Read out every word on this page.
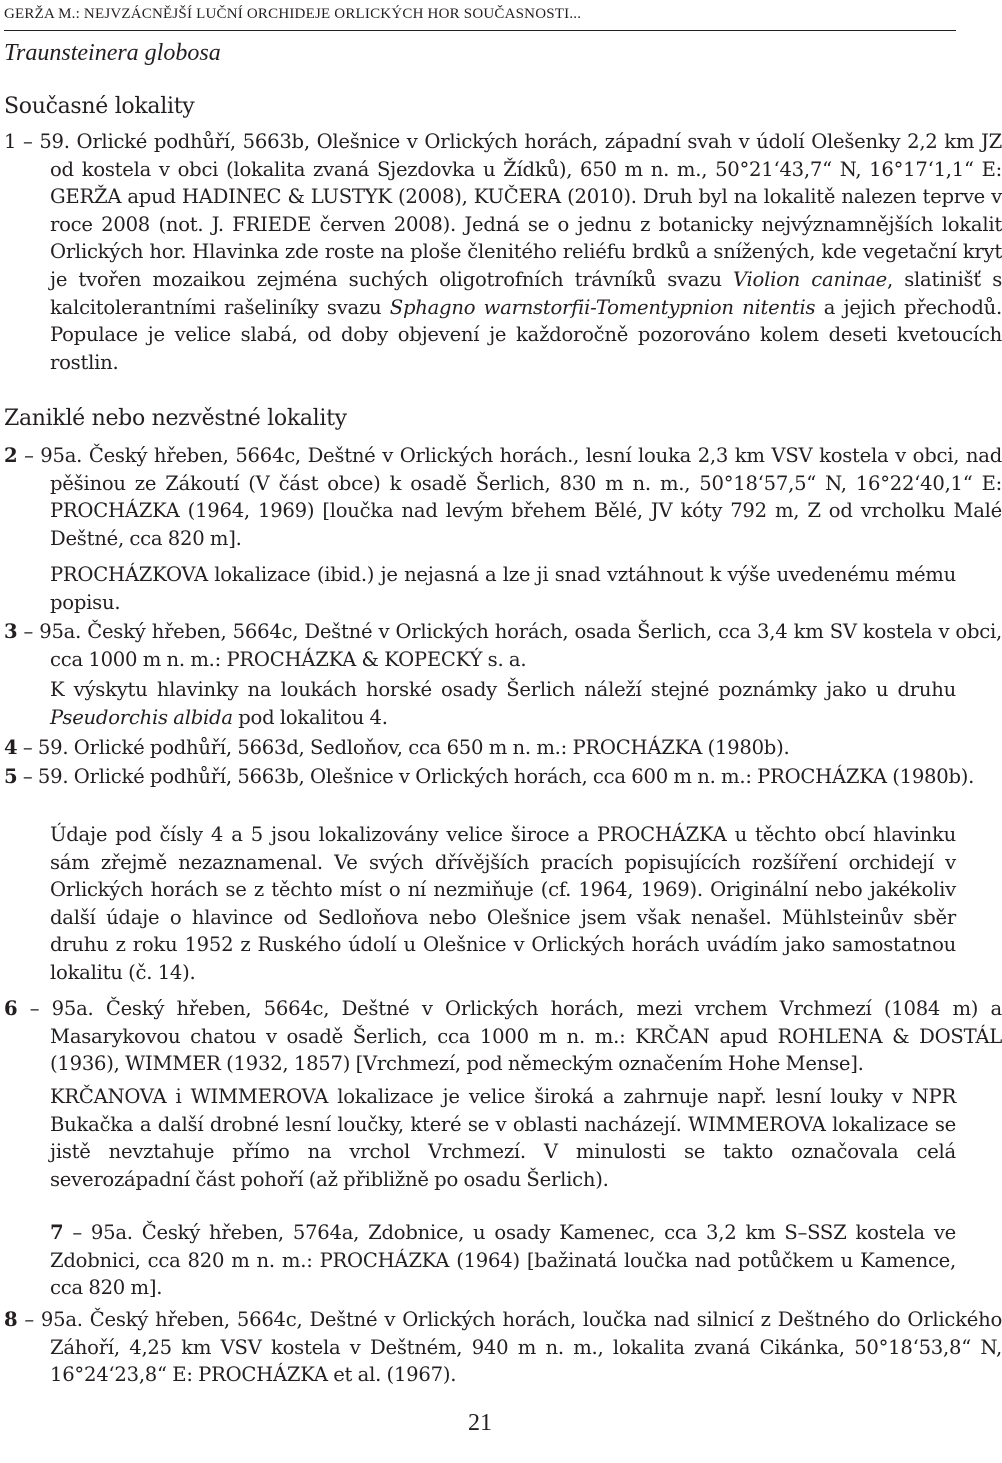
GERŽA M.: NEJVZÁCNĚJŠÍ LUČNÍ ORCHIDEJE ORLICKÝCH HOR SOUČASNOSTI...
Traunsteinera globosa
Současné lokality

1 – 59. Orlické podhůří, 5663b, Olešnice v Orlických horách, západní svah v údolí Olešenky 2,2 km JZ od kostela v obci (lokalita zvaná Sjezdovka u Žídků), 650 m n. m., 50°21‘43,7“ N, 16°17‘1,1“ E: GERŽA apud HADINEC & LUSTYK (2008), KUČERA (2010). Druh byl na lokalitě nalezen teprve v roce 2008 (not. J. FRIEDE červen 2008). Jedná se o jednu z botanicky nejvýznamnějších lokalit Orlických hor. Hlavinka zde roste na ploše členitého reliéfu brdků a snížených, kde vegetační kryt je tvořen mozaikou zejména suchých oligotrofních trávníků svazu Violion caninae, slatinišť s kalcitolerantními rašeliníky svazu Sphagno warnstorfii-Tomentypnion nitentis a jejich přechodů. Populace je velice slabá, od doby objevení je každoročně pozorováno kolem deseti kvetoucích rostlin.

Zaniklé nebo nezvěstné lokality

2 – 95a. Český hřeben, 5664c, Deštné v Orlických horách., lesní louka 2,3 km VSV kostela v obci, nad pěšinou ze Zákoutí (V část obce) k osadě Šerlich, 830 m n. m., 50°18‘57,5“ N, 16°22‘40,1“ E: PROCHÁZKA (1964, 1969) [loučka nad levým břehem Bělé, JV kóty 792 m, Z od vrcholku Malé Deštné, cca 820 m].

PROCHÁZKOVA lokalizace (ibid.) je nejasná a lze ji snad vztáhnout k výše uvedenému mému popisu.

3 – 95a. Český hřeben, 5664c, Deštné v Orlických horách, osada Šerlich, cca 3,4 km SV kostela v obci, cca 1000 m n. m.: PROCHÁZKA & KOPECKÝ s. a.

K výskytu hlavinky na loukách horské osady Šerlich náleží stejné poznámky jako u druhu Pseudorchis albida pod lokalitou 4.

4 – 59. Orlické podhůří, 5663d, Sedloňov, cca 650 m n. m.: PROCHÁZKA (1980b).

5 – 59. Orlické podhůří, 5663b, Olešnice v Orlických horách, cca 600 m n. m.: PROCHÁZKA (1980b).

Údaje pod čísly 4 a 5 jsou lokalizovány velice široce a PROCHÁZKA u těchto obcí hlavinku sám zřejmě nezaznamenal. Ve svých dřívějších pracích popisujících rozšíření orchidejí v Orlických horách se z těchto míst o ní nezmiňuje (cf. 1964, 1969). Originální nebo jakékoliv další údaje o hlavince od Sedloňova nebo Olešnice jsem však nenašel. Mühlsteinův sběr druhu z roku 1952 z Ruského údolí u Olešnice v Orlických horách uvádím jako samostatnou lokalitu (č. 14).

6 – 95a. Český hřeben, 5664c, Deštné v Orlických horách, mezi vrchem Vrchmezí (1084 m) a Masarykovou chatou v osadě Šerlich, cca 1000 m n. m.: KRČAN apud ROHLENA & DOSTÁL (1936), WIMMER (1932, 1857) [Vrchmezí, pod německým označením Hohe Mense].

KRČANOVA i WIMMEROVA lokalizace je velice široká a zahrnuje např. lesní louky v NPR Bukačka a další drobné lesní loučky, které se v oblasti nacházejí. WIMMEROVA lokalizace se jistě nevztahuje přímo na vrchol Vrchmezí. V minulosti se takto označovala celá severozápadní část pohoří (až přibližně po osadu Šerlich).

7 – 95a. Český hřeben, 5764a, Zdobnice, u osady Kamenec, cca 3,2 km S–SSZ kostela ve Zdobnici, cca 820 m n. m.: PROCHÁZKA (1964) [bažinatá loučka nad potůčkem u Kamence, cca 820 m].

8 – 95a. Český hřeben, 5664c, Deštné v Orlických horách, loučka nad silnicí z Deštného do Orlického Záhoří, 4,25 km VSV kostela v Deštném, 940 m n. m., lokalita zvaná Cikánka, 50°18‘53,8“ N, 16°24‘23,8“ E: PROCHÁZKA et al. (1967).

21
